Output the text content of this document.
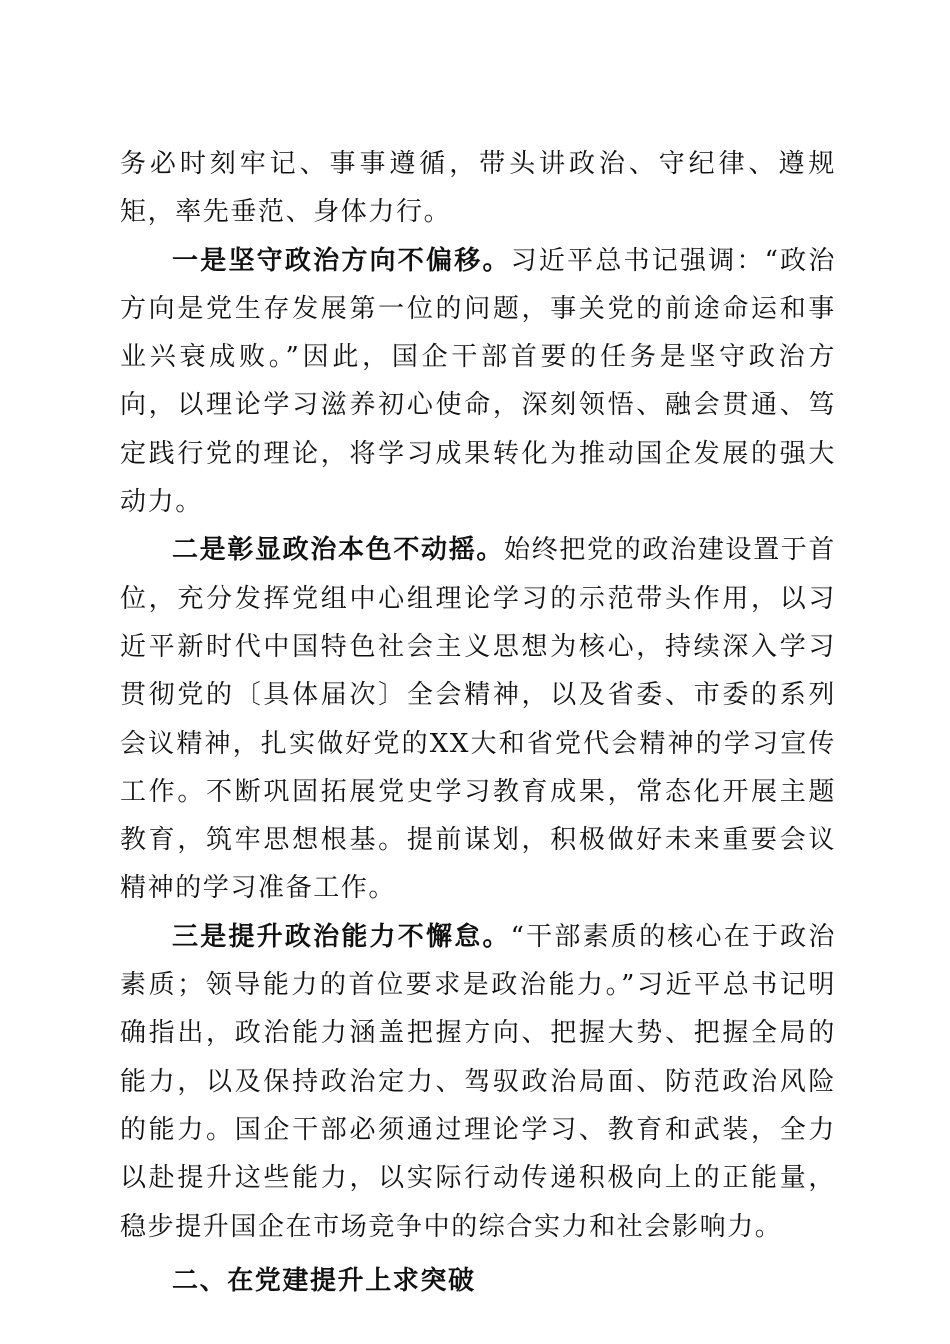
务必时刻牢记、事事遵循，带头讲政治、守纪律、遵规矩，率先垂范、身体力行。

一是坚守政治方向不偏移。习近平总书记强调：“政治方向是党生存发展第一位的问题，事关党的前途命运和事业兴衰成败。”因此，国企干部首要的任务是坚守政治方向，以理论学习滋养初心使命，深刻领悟、融会贯通、笃定践行党的理论，将学习成果转化为推动国企发展的强大动力。

二是彰显政治本色不动摇。始终把党的政治建设置于首位，充分发挥党组中心组理论学习的示范带头作用，以习近平新时代中国特色社会主义思想为核心，持续深入学习贯彻党的〔具体届次〕全会精神，以及省委、市委的系列会议精神，扎实做好党的XX大和省党代会精神的学习宣传工作。不断巩固拓展党史学习教育成果，常态化开展主题教育，筑牢思想根基。提前谋划，积极做好未来重要会议精神的学习准备工作。

三是提升政治能力不懈怠。“干部素质的核心在于政治素质；领导能力的首位要求是政治能力。”习近平总书记明确指出，政治能力涵盖把握方向、把握大势、把握全局的能力，以及保持政治定力、驾驭政治局面、防范政治风险的能力。国企干部必须通过理论学习、教育和武装，全力以赴提升这些能力，以实际行动传递积极向上的正能量，稳步提升国企在市场竞争中的综合实力和社会影响力。

二、在党建提升上求突破
